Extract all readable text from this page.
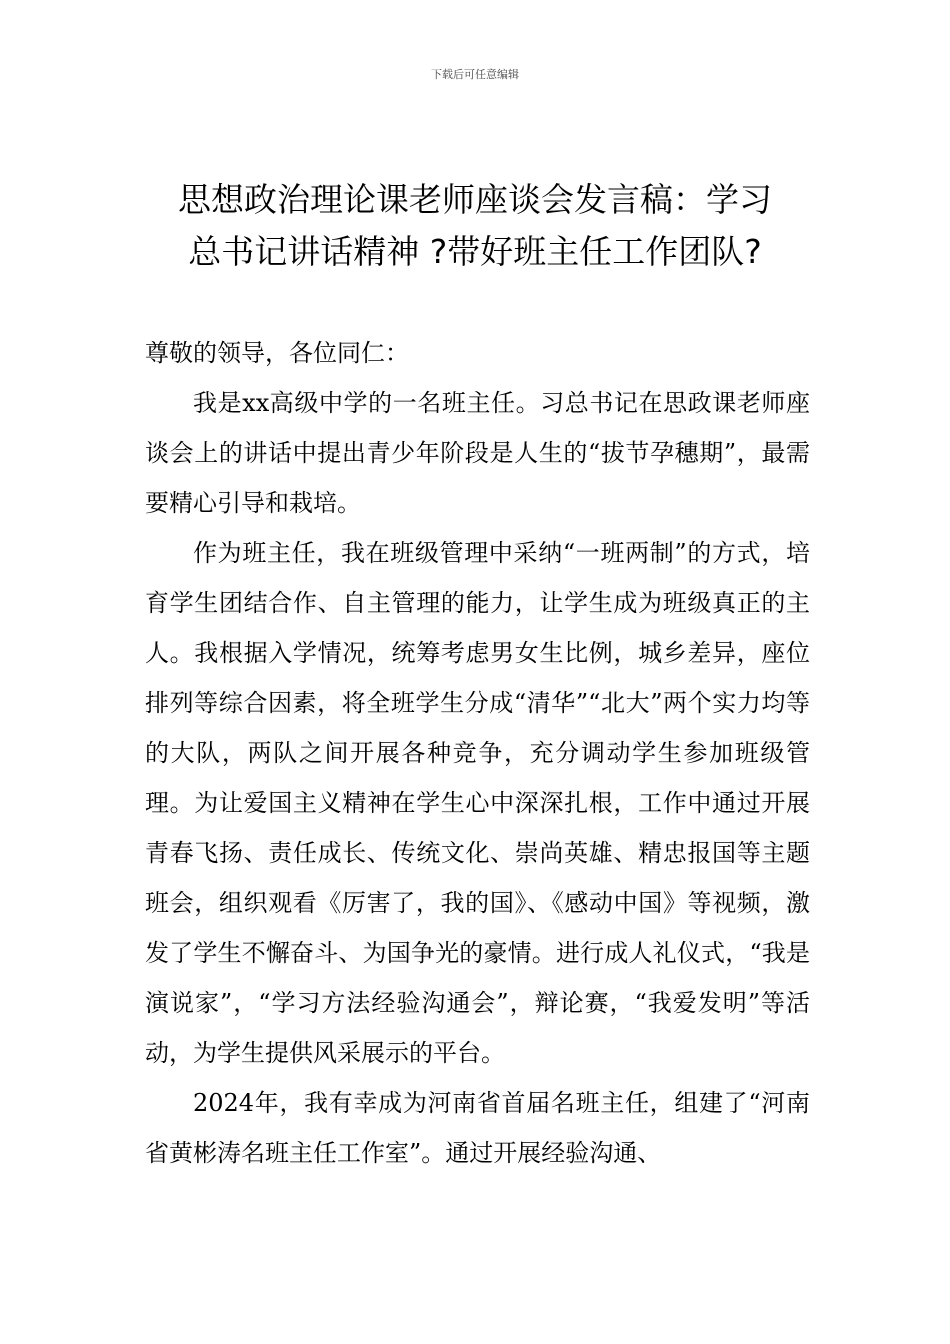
下载后可任意编辑
思想政治理论课老师座谈会发言稿：学习
总书记讲话精神 ?带好班主任工作团队?

尊敬的领导，各位同仁：

我是xx高级中学的一名班主任。习总书记在思政课老师座谈会上的讲话中提出青少年阶段是人生的“拔节孕穗期”，最需要精心引导和栽培。

作为班主任，我在班级管理中采纳“一班两制”的方式，培育学生团结合作、自主管理的能力，让学生成为班级真正的主人。我根据入学情况，统筹考虑男女生比例，城乡差异，座位排列等综合因素，将全班学生分成“清华”“北大”两个实力均等的大队，两队之间开展各种竞争，充分调动学生参加班级管理。为让爱国主义精神在学生心中深深扎根，工作中通过开展青春飞扬、责任成长、传统文化、崇尚英雄、精忠报国等主题班会，组织观看《厉害了，我的国》、《感动中国》等视频，激发了学生不懈奋斗、为国争光的豪情。进行成人礼仪式，“我是演说家”，“学习方法经验沟通会”，辩论赛，“我爱发明”等活动，为学生提供风采展示的平台。

2024年，我有幸成为河南省首届名班主任，组建了“河南省黄彬涛名班主任工作室”。通过开展经验沟通、
